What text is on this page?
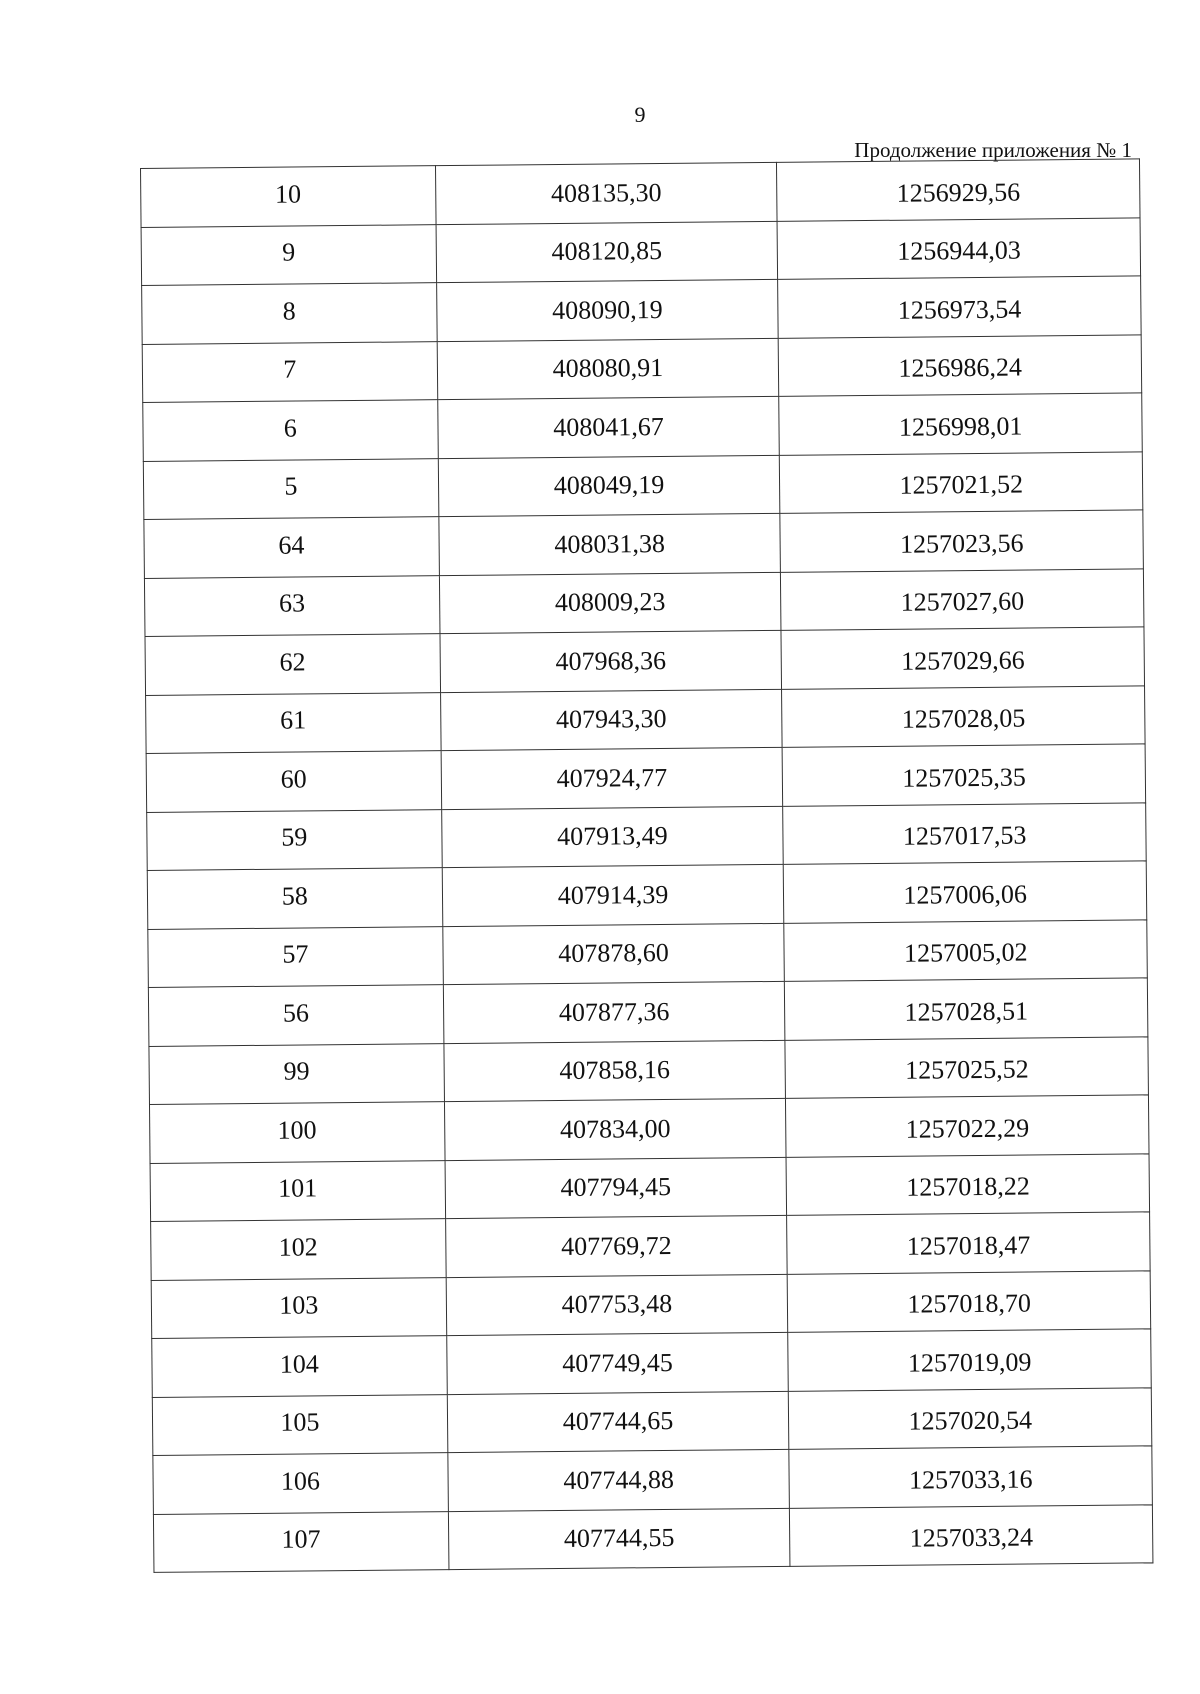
9
Продолжение приложения № 1
10	408135,30	1256929,56
9	408120,85	1256944,03
8	408090,19	1256973,54
7	408080,91	1256986,24
6	408041,67	1256998,01
5	408049,19	1257021,52
64	408031,38	1257023,56
63	408009,23	1257027,60
62	407968,36	1257029,66
61	407943,30	1257028,05
60	407924,77	1257025,35
59	407913,49	1257017,53
58	407914,39	1257006,06
57	407878,60	1257005,02
56	407877,36	1257028,51
99	407858,16	1257025,52
100	407834,00	1257022,29
101	407794,45	1257018,22
102	407769,72	1257018,47
103	407753,48	1257018,70
104	407749,45	1257019,09
105	407744,65	1257020,54
106	407744,88	1257033,16
107	407744,55	1257033,24
